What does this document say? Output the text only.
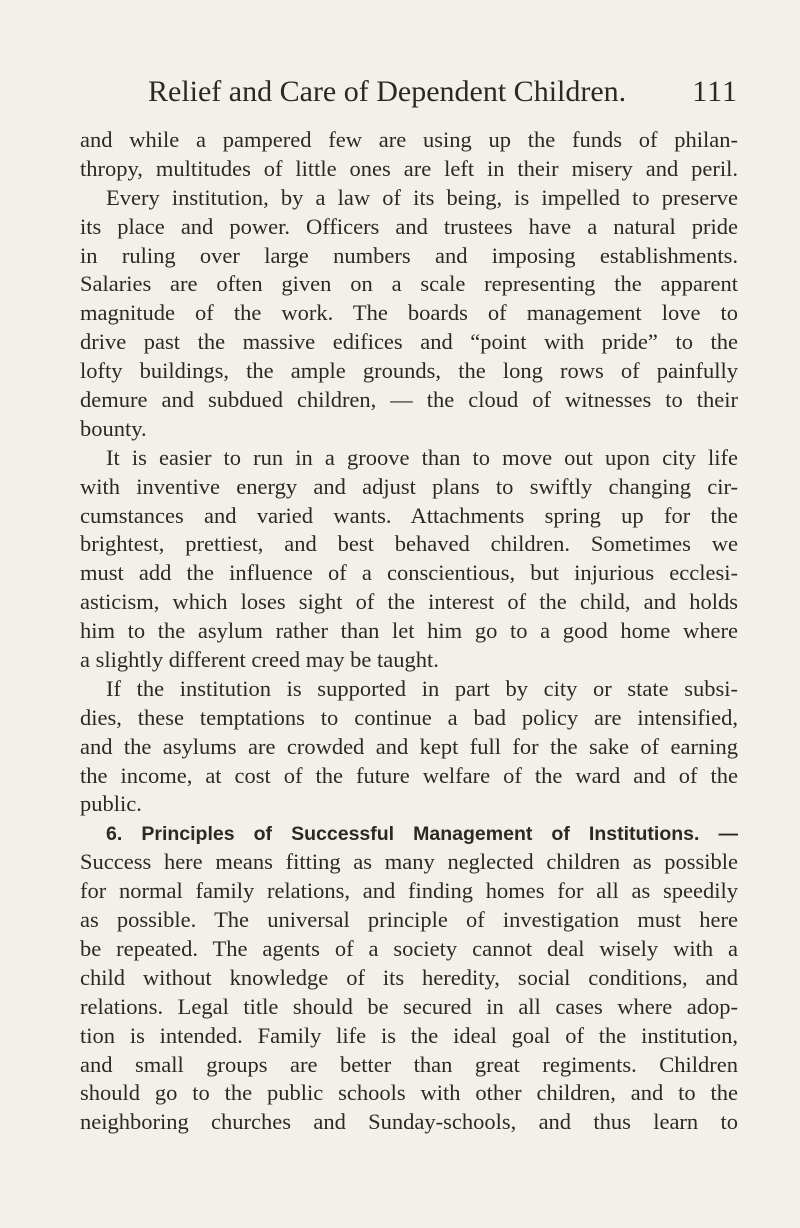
Relief and Care of Dependent Children. 111
and while a pampered few are using up the funds of philan-
thropy, multitudes of little ones are left in their misery and peril.
Every institution, by a law of its being, is impelled to preserve
its place and power. Officers and trustees have a natural pride
in ruling over large numbers and imposing establishments.
Salaries are often given on a scale representing the apparent
magnitude of the work. The boards of management love to
drive past the massive edifices and “point with pride” to the
lofty buildings, the ample grounds, the long rows of painfully
demure and subdued children, — the cloud of witnesses to their
bounty.
It is easier to run in a groove than to move out upon city life
with inventive energy and adjust plans to swiftly changing cir-
cumstances and varied wants. Attachments spring up for the
brightest, prettiest, and best behaved children. Sometimes we
must add the influence of a conscientious, but injurious ecclesi-
asticism, which loses sight of the interest of the child, and holds
him to the asylum rather than let him go to a good home where
a slightly different creed may be taught.
If the institution is supported in part by city or state subsi-
dies, these temptations to continue a bad policy are intensified,
and the asylums are crowded and kept full for the sake of earning
the income, at cost of the future welfare of the ward and of the
public.
6. Principles of Successful Management of Institutions. —
Success here means fitting as many neglected children as possible
for normal family relations, and finding homes for all as speedily
as possible. The universal principle of investigation must here
be repeated. The agents of a society cannot deal wisely with a
child without knowledge of its heredity, social conditions, and
relations. Legal title should be secured in all cases where adop-
tion is intended. Family life is the ideal goal of the institution,
and small groups are better than great regiments. Children
should go to the public schools with other children, and to the
neighboring churches and Sunday-schools, and thus learn to
